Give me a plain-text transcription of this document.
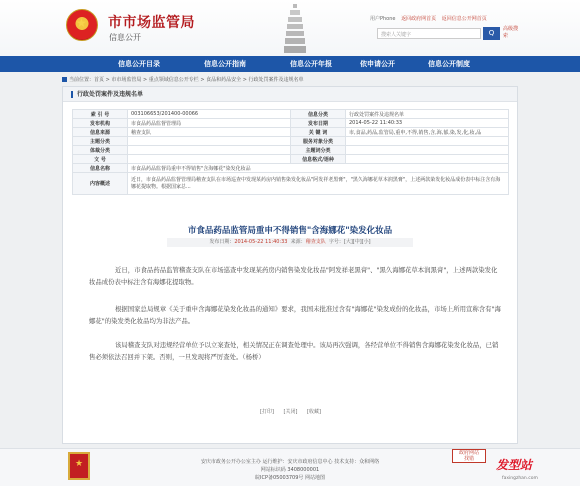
★
市市场监管局
信息公开
用户Phone 返回政府网首页 返回信息公开网首页
搜索人关键字	Q	高级搜索
信息公开目录	信息公开指南	信息公开年报	依申请公开	信息公开制度
当前位置：首页 > 市市场监管局 > 重点领域信息公开专栏 > 食品和药品安全 > 行政处罚案件及违规名单
行政处罚案件及违规名单
索 引 号	003106653/201400-00066	信息分类	行政处罚案件及违规名单
发布机构	市食品药品监督管理局	发布日期	2014-05-22 11:40:33
信息来源	稽查支队	关 键 词	市,食品,药品,监管局,重申,不得,销售,含,海,郁,染,发,化,妆,品
主题分类		服务对象分类	
体裁分类		主题词分类	
文 号		信息格式/语种	
信息名称	市食品药品监督局重申不得销售"含海娜花"染发化妆品		
内容概述	近日，市食品药品监督管理局稽查支队在市场巡查中发现某药房内销售染发化妆品"阿发祥老黑膏"，"黑久海娜花草本润黑膏"，上述两款染发化妆品成份表中标注含有海娜花提取物。根据国家总...		
市食品药品监管局重申不得销售"含海娜花"染发化妆品
发布日期：2014-05-22 11:40:33 来源：稽查支队 字号：[大][中][小]
近日，市食品药品监管稽查支队在市场巡查中发现某药房内销售染发化妆品"阿发祥老黑膏"、"黑久海娜花草本润黑膏"，上述两款染发化妆品成份表中标注含有海娜花提取物。
根据国家总局规章《关于重申含海娜花染发化妆品的通知》要求，我国未批准过含有"海娜花"染发成份的化妆品，市场上所用宣称含有"海娜花"的染发类化妆品均为非法产品。
该局稽查支队对违规经营单位予以立案查处，相关情况正在调查处理中。该局再次强调，各经营单位不得销售含海娜花染发化妆品，已销售必须依法召回并下架。否则，一旦发现将严厉查处。（杨桥）
[打印] [关闭] [收藏]
★
安庆市政务公开办公室主办 运行维护：安庆市政府信息中心 技术支持：众和网络
网站标识码 3408000001
皖ICP备05003709号 网站地图
政府网站
找错	发型站
faxingzhan.com
